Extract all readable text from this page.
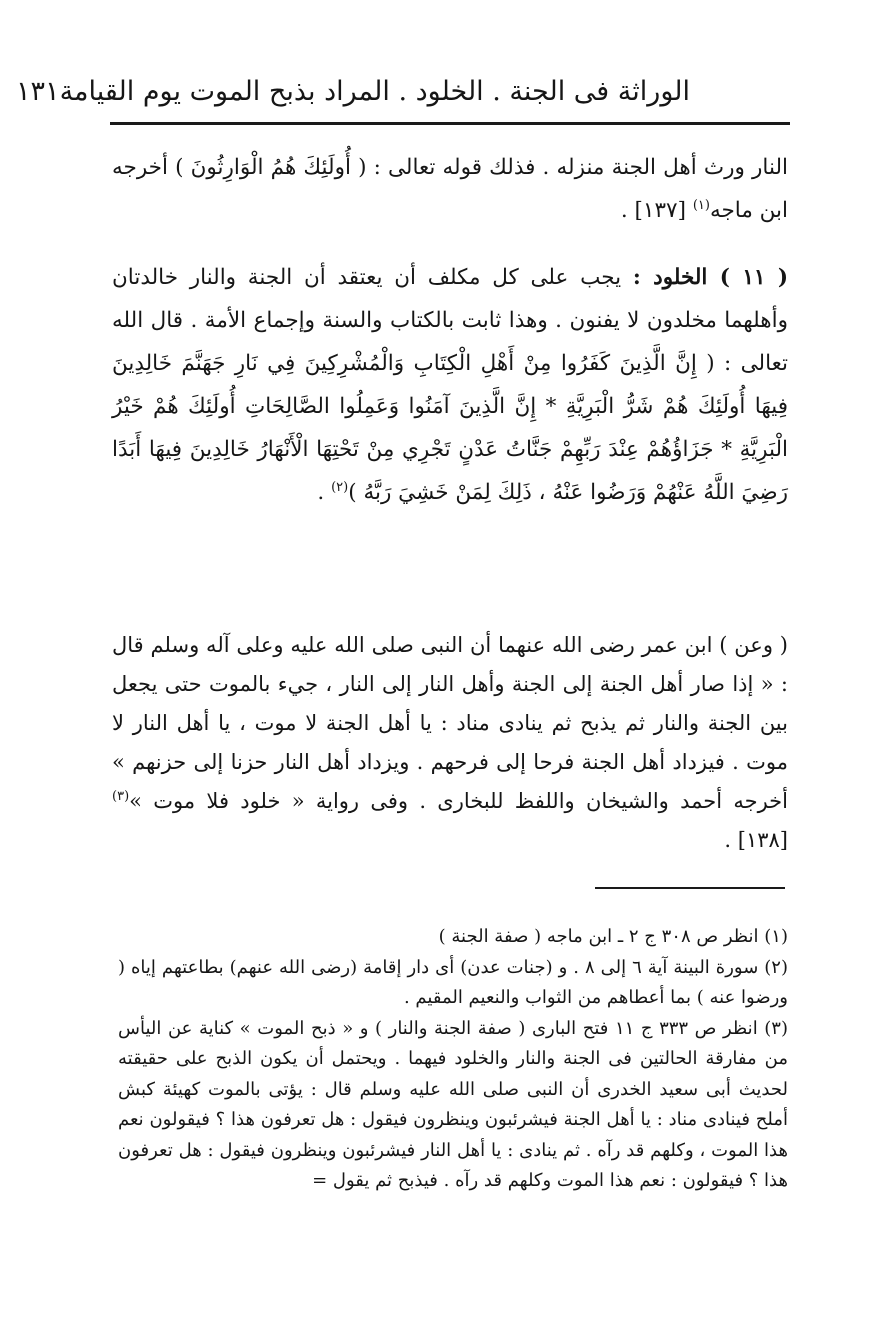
الوراثة فى الجنة . الخلود . المراد بذبح الموت يوم القيامة
١٣١

النار ورث أهل الجنة منزله . فذلك قوله تعالى : ( أُولَئِكَ هُمُ الْوَارِثُونَ ) أخرجه ابن ماجه$^{(١)}$ [١٣٧] .

( ١١ ) الخلود : يجب على كل مكلف أن يعتقد أن الجنة والنار خالدتان وأهلهما مخلدون لا يفنون . وهذا ثابت بالكتاب والسنة وإجماع الأمة . قال الله تعالى : ( إِنَّ الَّذِينَ كَفَرُوا مِنْ أَهْلِ الْكِتَابِ وَالْمُشْرِكِينَ فِي نَارِ جَهَنَّمَ خَالِدِينَ فِيهَا أُولَئِكَ هُمْ شَرُّ الْبَرِيَّةِ * إِنَّ الَّذِينَ آمَنُوا وَعَمِلُوا الصَّالِحَاتِ أُولَئِكَ هُمْ خَيْرُ الْبَرِيَّةِ * جَزَاؤُهُمْ عِنْدَ رَبِّهِمْ جَنَّاتُ عَدْنٍ تَجْرِي مِنْ تَحْتِهَا الْأَنْهَارُ خَالِدِينَ فِيهَا أَبَدًا رَضِيَ اللَّهُ عَنْهُمْ وَرَضُوا عَنْهُ ، ذَلِكَ لِمَنْ خَشِيَ رَبَّهُ )$^{(٢)}$ .

( وعن ) ابن عمر رضى الله عنهما أن النبى صلى الله عليه وعلى آله وسلم قال : « إذا صار أهل الجنة إلى الجنة وأهل النار إلى النار ، جيء بالموت حتى يجعل بين الجنة والنار ثم يذبح ثم ينادى مناد : يا أهل الجنة لا موت ، يا أهل النار لا موت . فيزداد أهل الجنة فرحا إلى فرحهم . ويزداد أهل النار حزنا إلى حزنهم » أخرجه أحمد والشيخان واللفظ للبخارى . وفى رواية « خلود فلا موت »$^{(٣)}$ [١٣٨] .

(١) انظر ص ٣٠٨ ج ٢ ـ ابن ماجه ( صفة الجنة )

(٢) سورة البينة آية ٦ إلى ٨ . و (جنات عدن) أى دار إقامة (رضى الله عنهم) بطاعتهم إياه ( ورضوا عنه ) بما أعطاهم من الثواب والنعيم المقيم .

(٣) انظر ص ٣٣٣ ج ١١ فتح البارى ( صفة الجنة والنار ) و « ذبح الموت » كناية عن اليأس من مفارقة الحالتين فى الجنة والنار والخلود فيهما . ويحتمل أن يكون الذبح على حقيقته لحديث أبى سعيد الخدرى أن النبى صلى الله عليه وسلم قال : يؤتى بالموت كهيئة كبش أملح فينادى مناد : يا أهل الجنة فيشرئبون وينظرون فيقول : هل تعرفون هذا ؟ فيقولون نعم هذا الموت ، وكلهم قد رآه . ثم ينادى : يا أهل النار فيشرئبون وينظرون فيقول : هل تعرفون هذا ؟ فيقولون : نعم هذا الموت وكلهم قد رآه . فيذبح ثم يقول =
